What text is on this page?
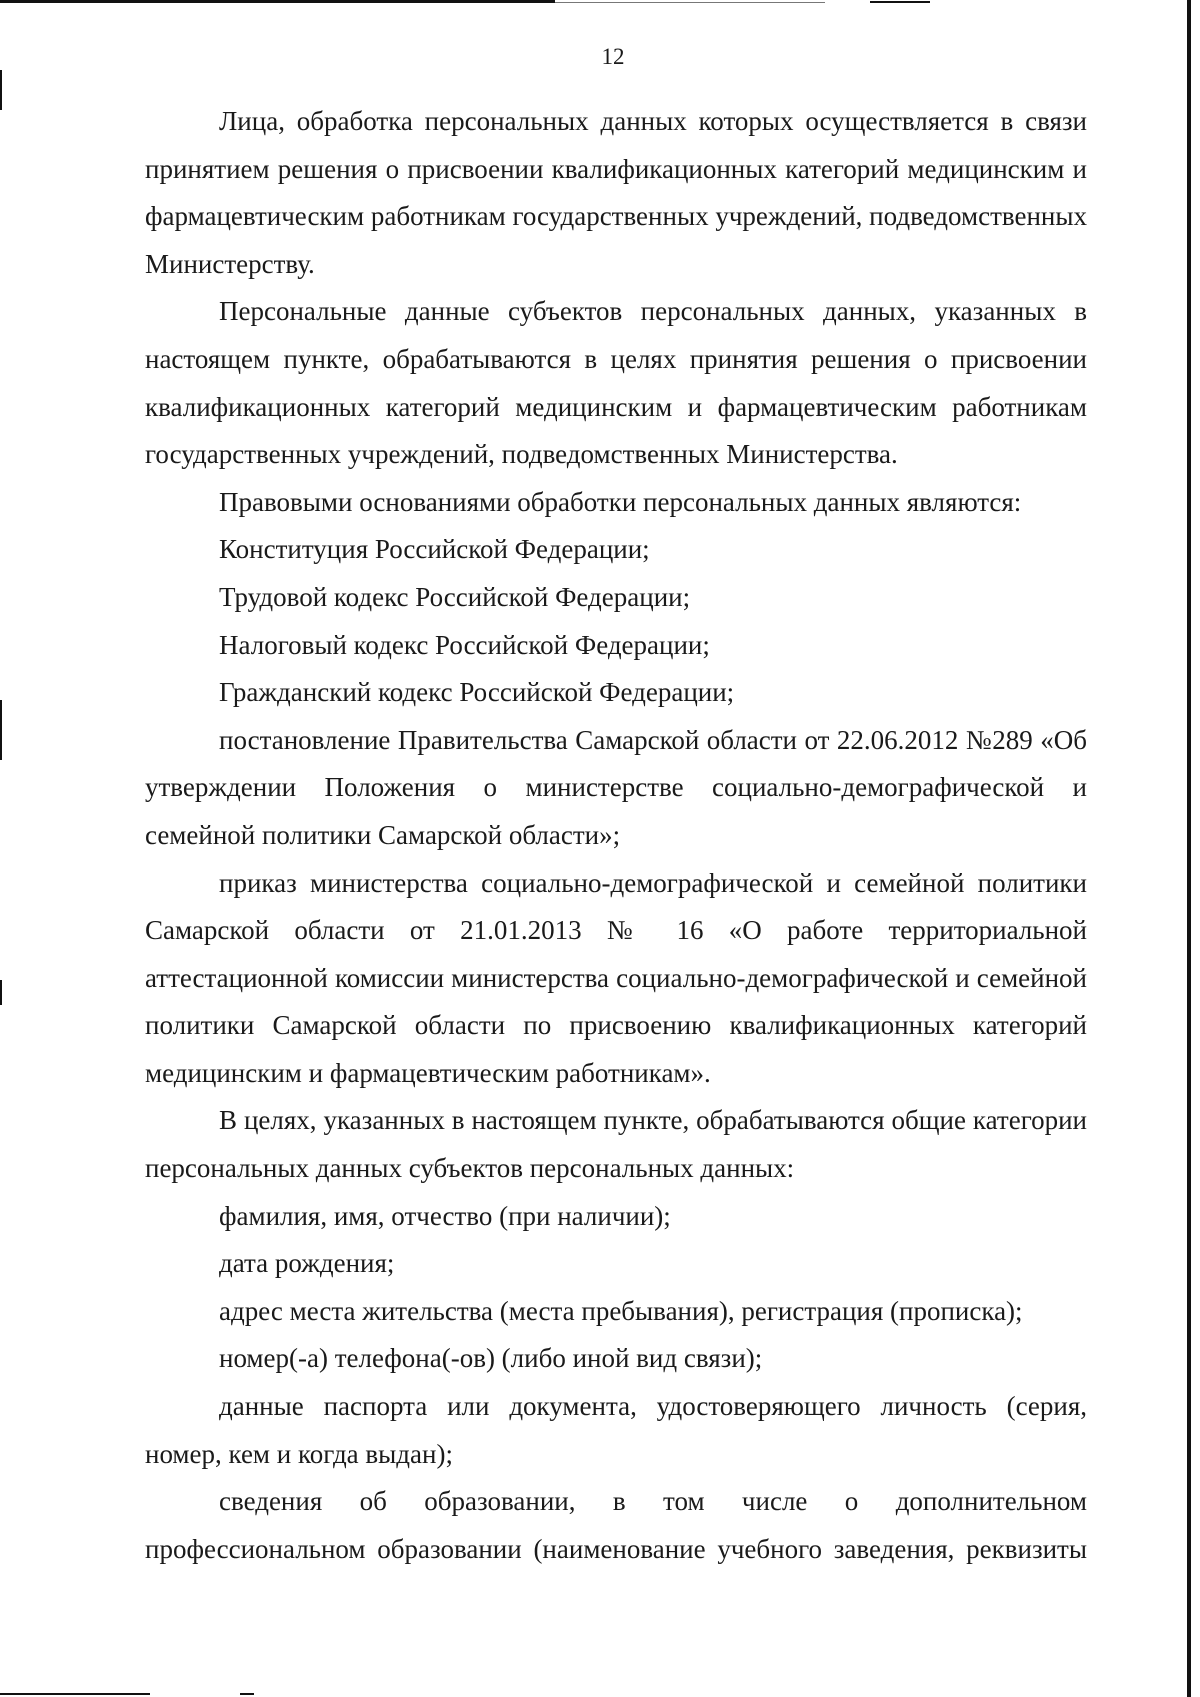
12

Лица, обработка персональных данных которых осуществляется в связи принятием решения о присвоении квалификационных категорий медицинским и фармацевтическим работникам государственных учреждений, подведомственных Министерству.

Персональные данные субъектов персональных данных, указанных в настоящем пункте, обрабатываются в целях принятия решения о присвоении квалификационных категорий медицинским и фармацевтическим работникам государственных учреждений, подведомственных Министерства.

Правовыми основаниями обработки персональных данных являются:

Конституция Российской Федерации;

Трудовой кодекс Российской Федерации;

Налоговый кодекс Российской Федерации;

Гражданский кодекс Российской Федерации;

постановление Правительства Самарской области от 22.06.2012 №289 «Об утверждении Положения о министерстве социально-демографической и семейной политики Самарской области»;

приказ министерства социально-демографической и семейной политики Самарской области от 21.01.2013 № 16 «О работе территориальной аттестационной комиссии министерства социально-демографической и семейной политики Самарской области по присвоению квалификационных категорий медицинским и фармацевтическим работникам».

В целях, указанных в настоящем пункте, обрабатываются общие категории персональных данных субъектов персональных данных:

фамилия, имя, отчество (при наличии);

дата рождения;

адрес места жительства (места пребывания), регистрация (прописка);

номер(-а) телефона(-ов) (либо иной вид связи);

данные паспорта или документа, удостоверяющего личность (серия, номер, кем и когда выдан);

сведения об образовании, в том числе о дополнительном профессиональном образовании (наименование учебного заведения, реквизиты
